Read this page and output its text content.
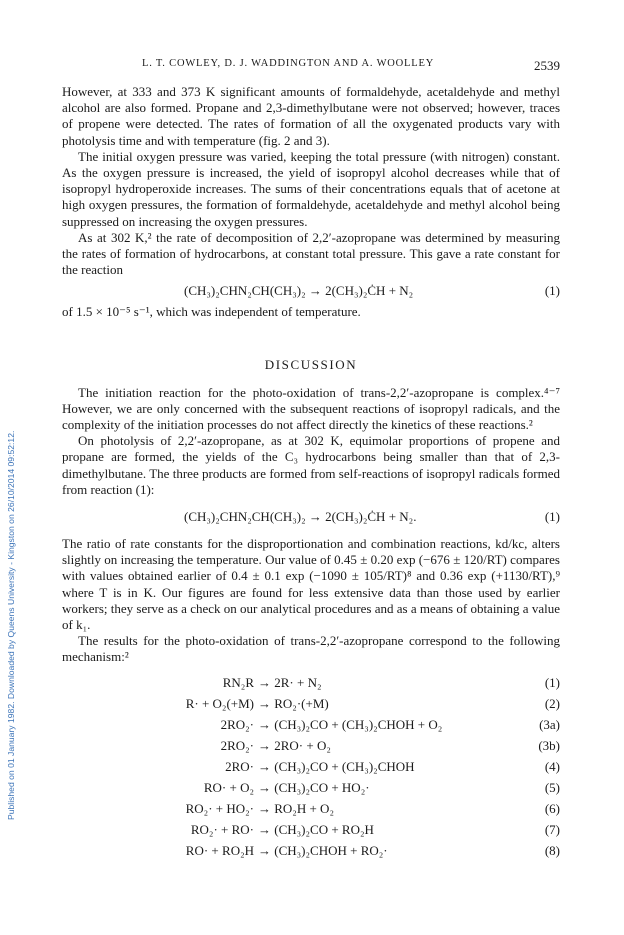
Published on 01 January 1982. Downloaded by Queens University - Kingston on 26/10/2014 09:52:12.
L. T. COWLEY, D. J. WADDINGTON AND A. WOOLLEY	2539

However, at 333 and 373 K significant amounts of formaldehyde, acetaldehyde and methyl alcohol are also formed. Propane and 2,3-dimethylbutane were not observed; however, traces of propene were detected. The rates of formation of all the oxygenated products vary with photolysis time and with temperature (fig. 2 and 3).

The initial oxygen pressure was varied, keeping the total pressure (with nitrogen) constant. As the oxygen pressure is increased, the yield of isopropyl alcohol decreases while that of isopropyl hydroperoxide increases. The sums of their concentrations equals that of acetone at high oxygen pressures, the formation of formaldehyde, acetaldehyde and methyl alcohol being suppressed on increasing the oxygen pressures.

As at 302 K,² the rate of decomposition of 2,2′-azopropane was determined by measuring the rates of formation of hydrocarbons, at constant total pressure. This gave a rate constant for the reaction

(CH₃)₂CHN₂CH(CH₃)₂ → 2(CH₃)₂ĊH + N₂	(1)

of 1.5 × 10⁻⁵ s⁻¹, which was independent of temperature.

DISCUSSION

The initiation reaction for the photo-oxidation of trans-2,2′-azopropane is complex.⁴⁻⁷ However, we are only concerned with the subsequent reactions of isopropyl radicals, and the complexity of the initiation processes do not affect directly the kinetics of these reactions.²

On photolysis of 2,2′-azopropane, as at 302 K, equimolar proportions of propene and propane are formed, the yields of the C₃ hydrocarbons being smaller than that of 2,3-dimethylbutane. The three products are formed from self-reactions of isopropyl radicals formed from reaction (1):

(CH₃)₂CHN₂CH(CH₃)₂ → 2(CH₃)₂ĊH + N₂.	(1)

The ratio of rate constants for the disproportionation and combination reactions, kd/kc, alters slightly on increasing the temperature. Our value of 0.45 ± 0.20 exp (−676 ± 120/RT) compares with values obtained earlier of 0.4 ± 0.1 exp (−1090 ± 105/RT)⁸ and 0.36 exp (+1130/RT),⁹ where T is in K. Our figures are found for less extensive data than those used by earlier workers; they serve as a check on our analytical procedures and as a means of obtaining a value of k₁.

The results for the photo-oxidation of trans-2,2′-azopropane correspond to the following mechanism:²

RN₂R → 2R· + N₂	(1)
R· + O₂(+M) → RO₂·(+M)	(2)
2RO₂· → (CH₃)₂CO + (CH₃)₂CHOH + O₂	(3a)
2RO₂· → 2RO· + O₂	(3b)
2RO· → (CH₃)₂CO + (CH₃)₂CHOH	(4)
RO· + O₂ → (CH₃)₂CO + HO₂·	(5)
RO₂· + HO₂· → RO₂H + O₂	(6)
RO₂· + RO· → (CH₃)₂CO + RO₂H	(7)
RO· + RO₂H → (CH₃)₂CHOH + RO₂·	(8)
